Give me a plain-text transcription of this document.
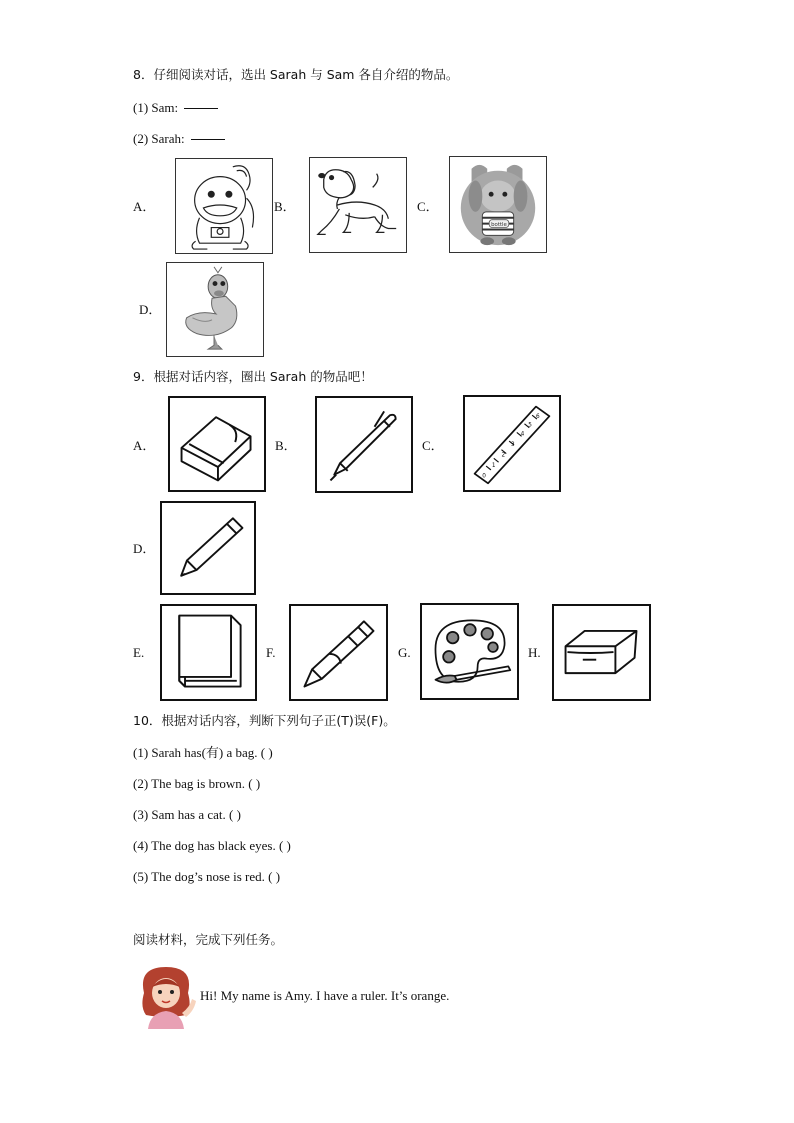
8．仔细阅读对话，选出 Sarah 与 Sam 各自介绍的物品。
(1) Sam:
(2) Sarah:
A．	B．	C．
bottle
D．
9．根据对话内容，圈出 Sarah 的物品吧！
A．	B．	C．
0
1
2
3
4
5
6
D．
E.	F.	G.	H.
10．根据对话内容，判断下列句子正(T)误(F)。
(1) Sarah has(有) a bag. ( )
(2) The bag is brown. ( )
(3) Sam has a cat. ( )
(4) The dog has black eyes. ( )
(5) The dog’s nose is red. ( )
阅读材料，完成下列任务。
Hi! My name is Amy. I have a ruler. It’s orange.
